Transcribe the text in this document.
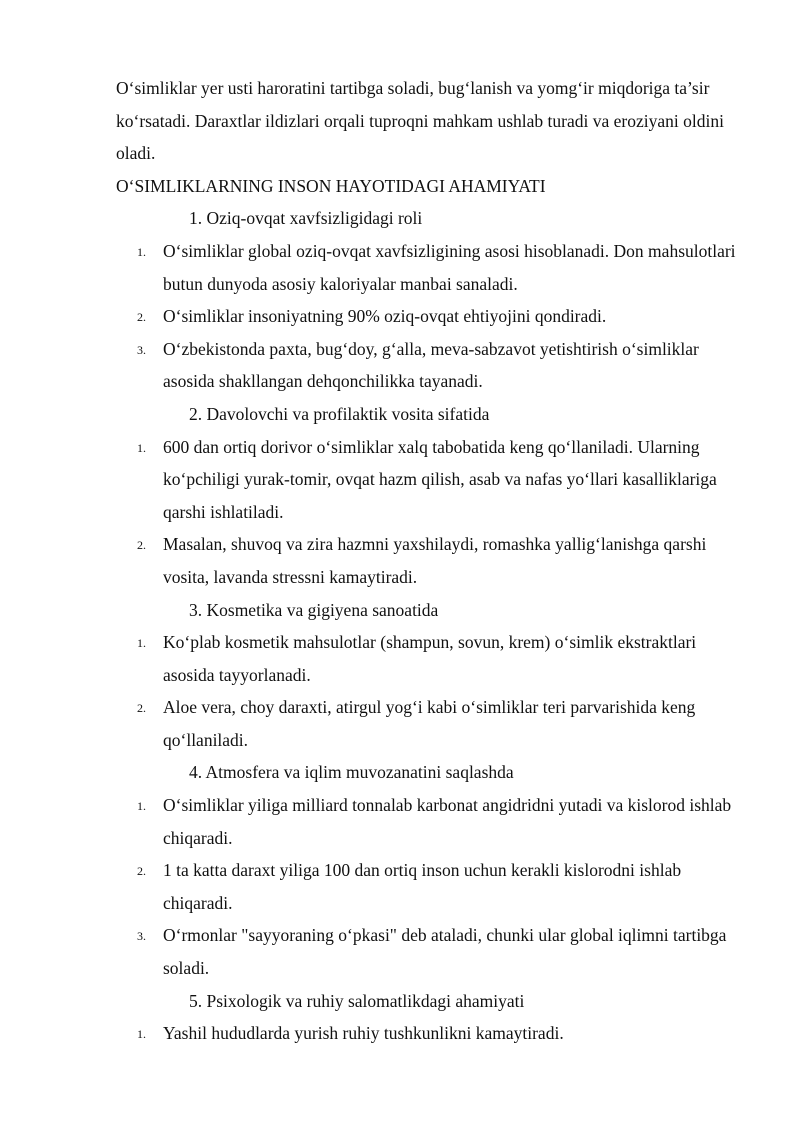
O‘simliklar yer usti haroratini tartibga soladi, bug‘lanish va yomg‘ir miqdoriga ta’sir ko‘rsatadi. Daraxtlar ildizlari orqali tuproqni mahkam ushlab turadi va eroziyani oldini oladi.

O‘SIMLIKLARNING INSON HAYOTIDAGI AHAMIYATI

1. Oziq-ovqat xavfsizligidagi roli

1. O‘simliklar global oziq-ovqat xavfsizligining asosi hisoblanadi. Don mahsulotlari butun dunyoda asosiy kaloriyalar manbai sanaladi.
2. O‘simliklar insoniyatning 90% oziq-ovqat ehtiyojini qondiradi.
3. O‘zbekistonda paxta, bug‘doy, g‘alla, meva-sabzavot yetishtirish o‘simliklar asosida shakllangan dehqonchilikka tayanadi.

2. Davolovchi va profilaktik vosita sifatida

1. 600 dan ortiq dorivor o‘simliklar xalq tabobatida keng qo‘llaniladi. Ularning ko‘pchiligi yurak-tomir, ovqat hazm qilish, asab va nafas yo‘llari kasalliklariga qarshi ishlatiladi.
2. Masalan, shuvoq va zira hazmni yaxshilaydi, romashka yallig‘lanishga qarshi vosita, lavanda stressni kamaytiradi.

3. Kosmetika va gigiyena sanoatida

1. Ko‘plab kosmetik mahsulotlar (shampun, sovun, krem) o‘simlik ekstraktlari asosida tayyorlanadi.
2. Aloe vera, choy daraxti, atirgul yog‘i kabi o‘simliklar teri parvarishida keng qo‘llaniladi.

4. Atmosfera va iqlim muvozanatini saqlashda

1. O‘simliklar yiliga milliard tonnalab karbonat angidridni yutadi va kislorod ishlab chiqaradi.
2. 1 ta katta daraxt yiliga 100 dan ortiq inson uchun kerakli kislorodni ishlab chiqaradi.
3. O‘rmonlar "sayyoraning o‘pkasi" deb ataladi, chunki ular global iqlimni tartibga soladi.

5. Psixologik va ruhiy salomatlikdagi ahamiyati

1. Yashil hududlarda yurish ruhiy tushkunlikni kamaytiradi.
